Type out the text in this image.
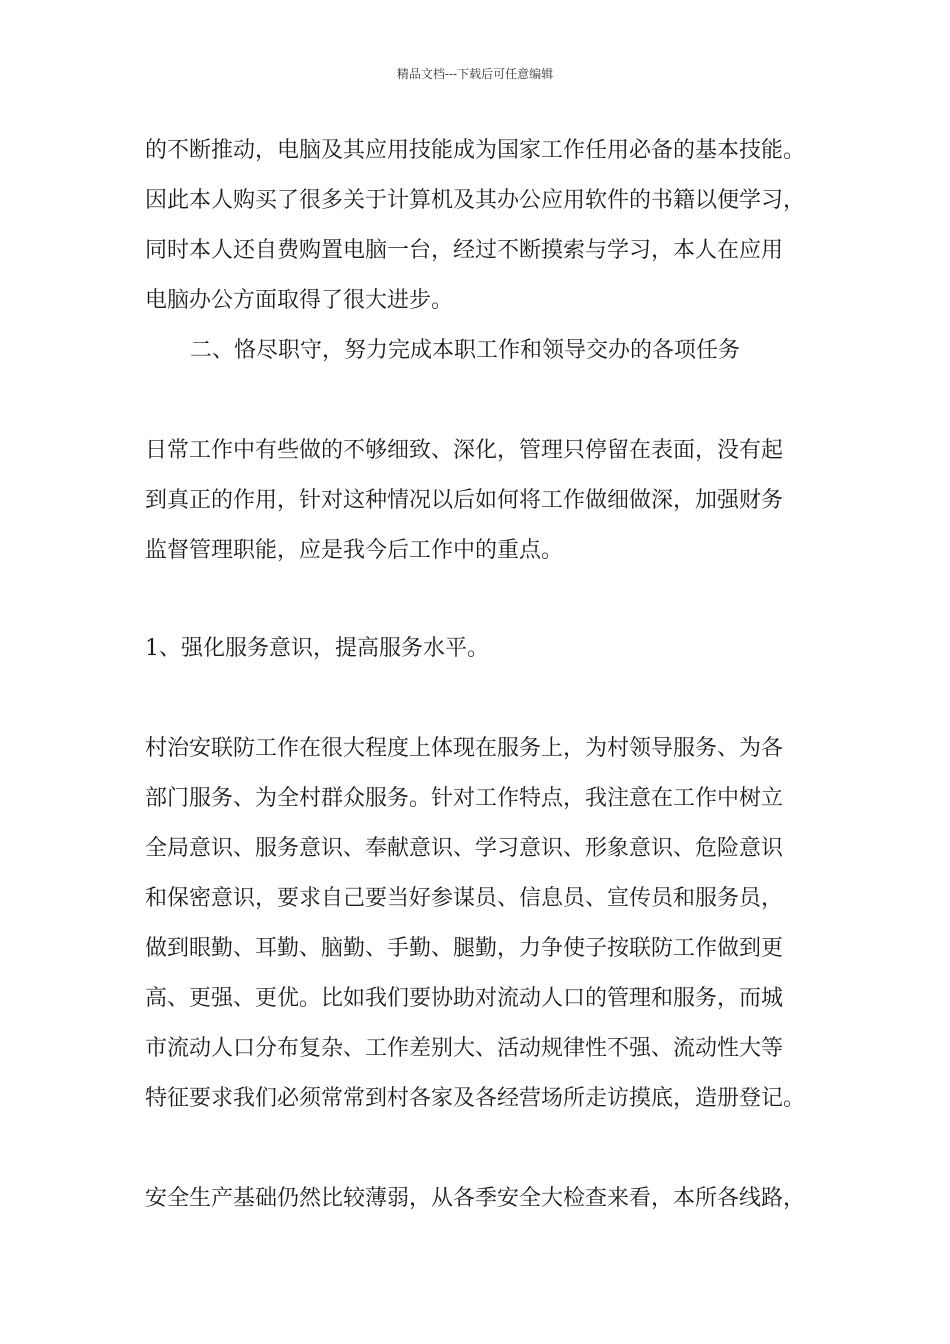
精品文档---下载后可任意编辑
的不断推动，电脑及其应用技能成为国家工作任用必备的基本技能。
因此本人购买了很多关于计算机及其办公应用软件的书籍以便学习，
同时本人还自费购置电脑一台，经过不断摸索与学习，本人在应用
电脑办公方面取得了很大进步。
二、恪尽职守，努力完成本职工作和领导交办的各项任务
日常工作中有些做的不够细致、深化，管理只停留在表面，没有起
到真正的作用，针对这种情况以后如何将工作做细做深，加强财务
监督管理职能，应是我今后工作中的重点。
1、强化服务意识，提高服务水平。
村治安联防工作在很大程度上体现在服务上，为村领导服务、为各
部门服务、为全村群众服务。针对工作特点，我注意在工作中树立
全局意识、服务意识、奉献意识、学习意识、形象意识、危险意识
和保密意识，要求自己要当好参谋员、信息员、宣传员和服务员，
做到眼勤、耳勤、脑勤、手勤、腿勤，力争使子按联防工作做到更
高、更强、更优。比如我们要协助对流动人口的管理和服务，而城
市流动人口分布复杂、工作差别大、活动规律性不强、流动性大等
特征要求我们必须常常到村各家及各经营场所走访摸底，造册登记。
安全生产基础仍然比较薄弱，从各季安全大检查来看，本所各线路，
